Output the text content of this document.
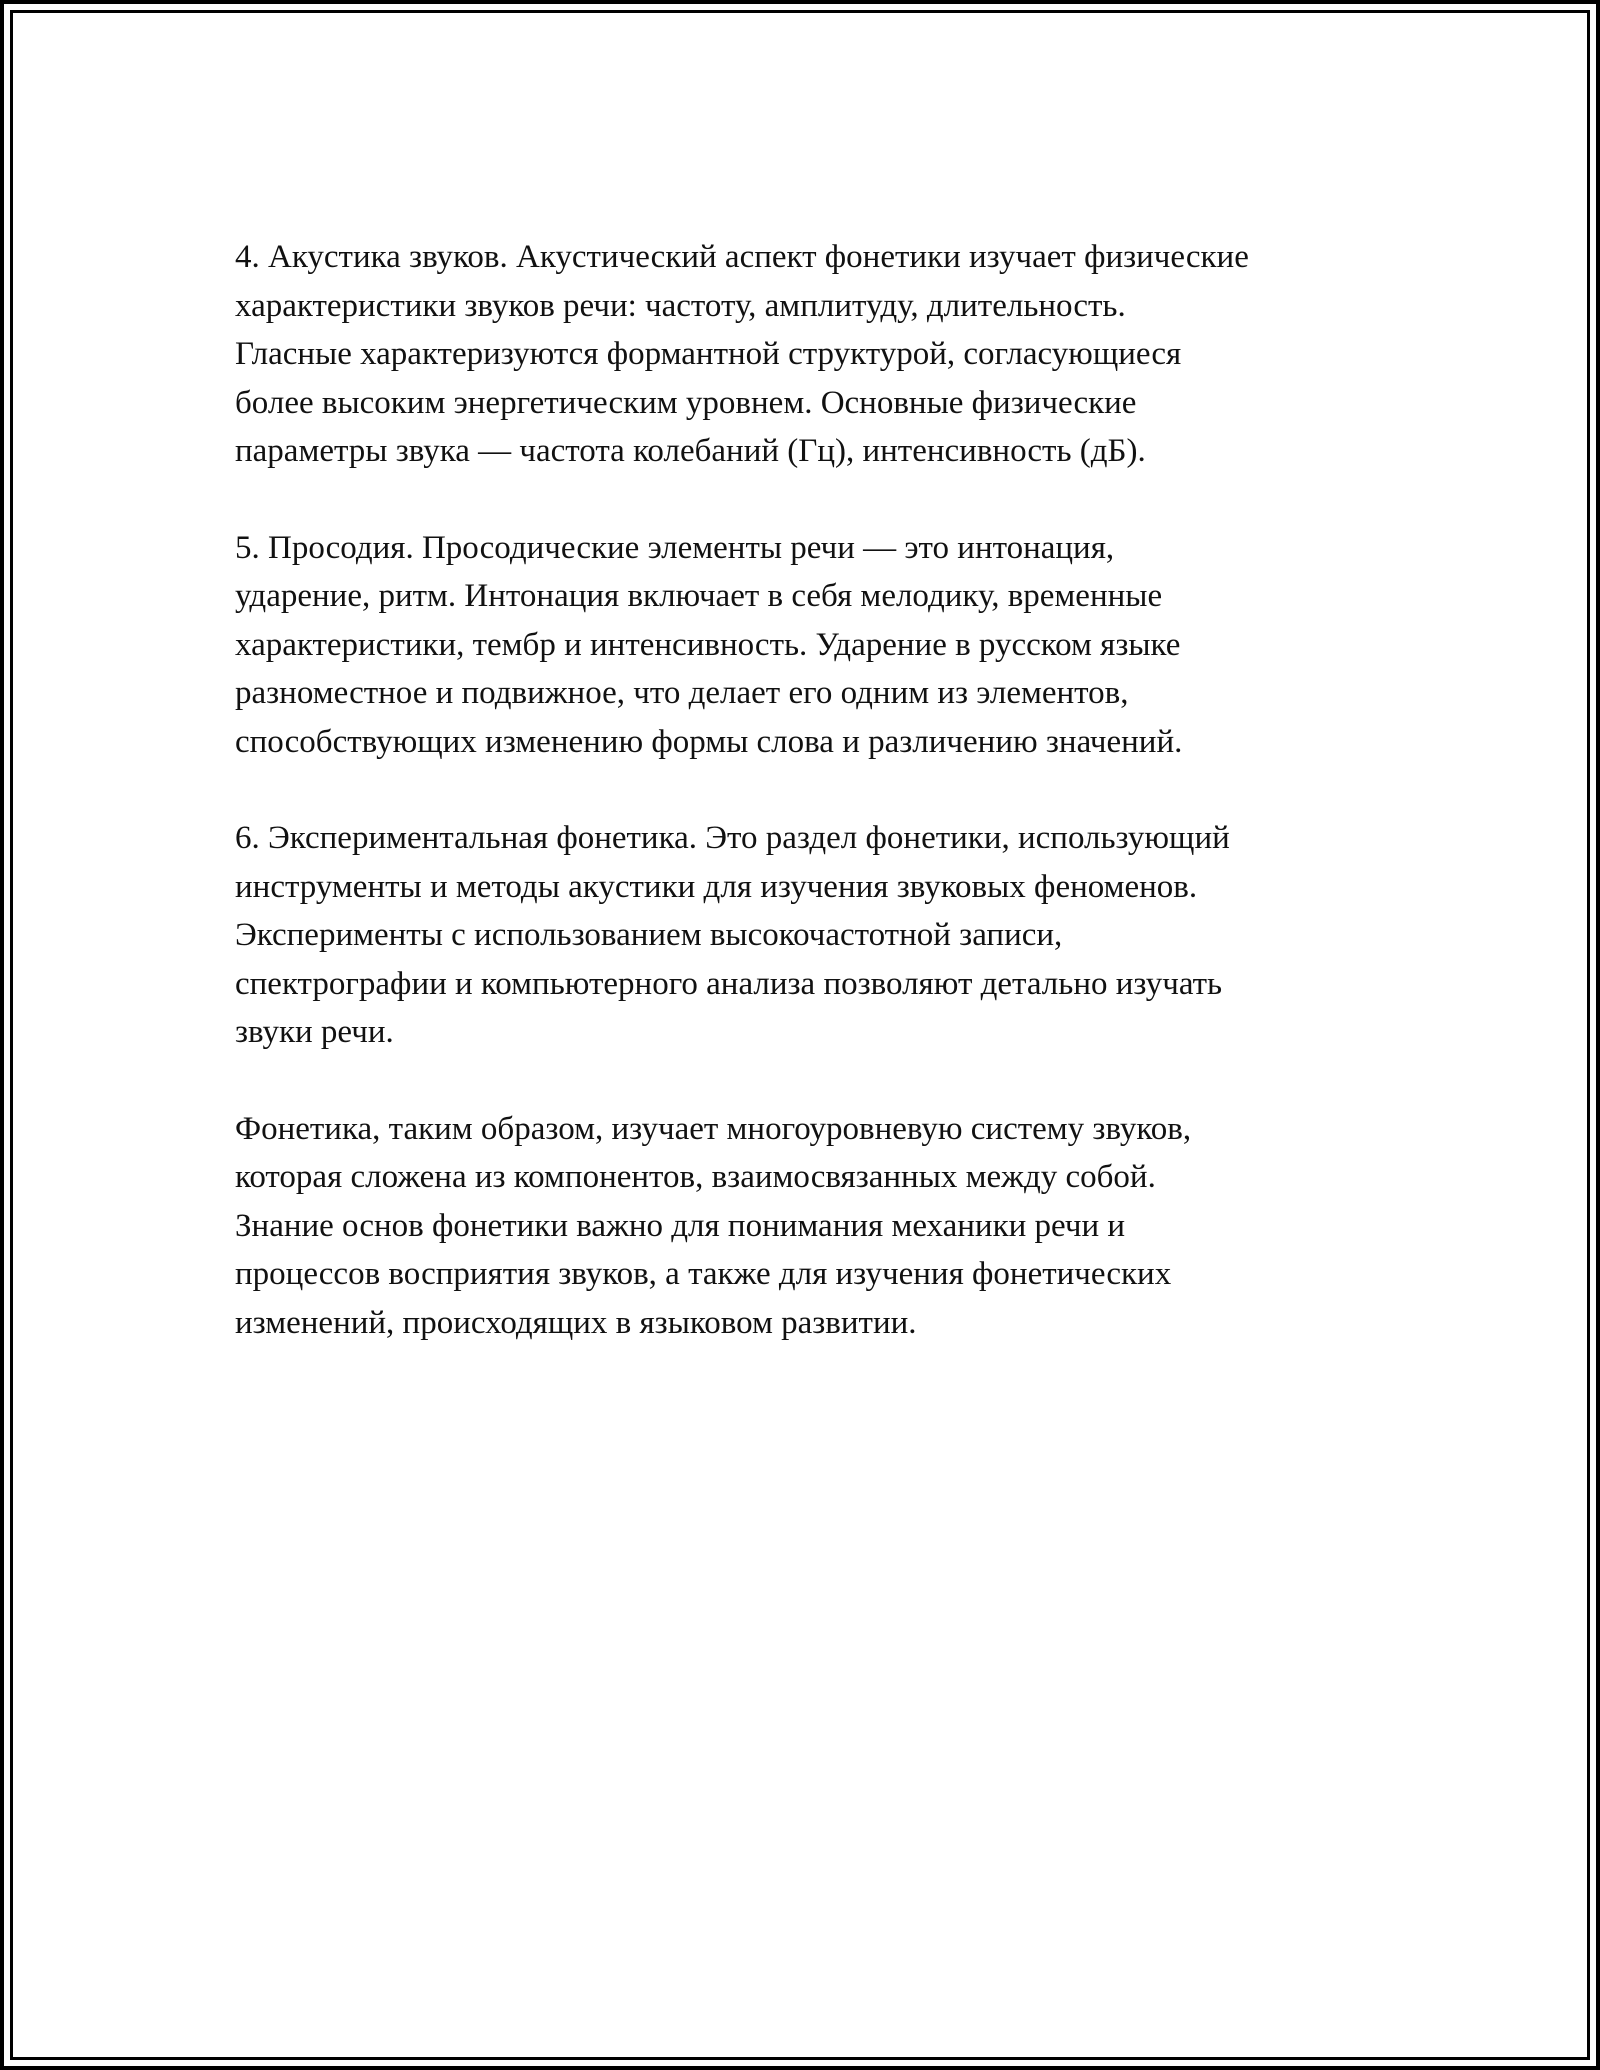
4. Акустика звуков. Акустический аспект фонетики изучает физические
характеристики звуков речи: частоту, амплитуду, длительность.
Гласные характеризуются формантной структурой, согласующиеся
более высоким энергетическим уровнем. Основные физические
параметры звука — частота колебаний (Гц), интенсивность (дБ).

5. Просодия. Просодические элементы речи — это интонация,
ударение, ритм. Интонация включает в себя мелодику, временные
характеристики, тембр и интенсивность. Ударение в русском языке
разноместное и подвижное, что делает его одним из элементов,
способствующих изменению формы слова и различению значений.

6. Экспериментальная фонетика. Это раздел фонетики, использующий
инструменты и методы акустики для изучения звуковых феноменов.
Эксперименты с использованием высокочастотной записи,
спектрографии и компьютерного анализа позволяют детально изучать
звуки речи.

Фонетика, таким образом, изучает многоуровневую систему звуков,
которая сложена из компонентов, взаимосвязанных между собой.
Знание основ фонетики важно для понимания механики речи и
процессов восприятия звуков, а также для изучения фонетических
изменений, происходящих в языковом развитии.
